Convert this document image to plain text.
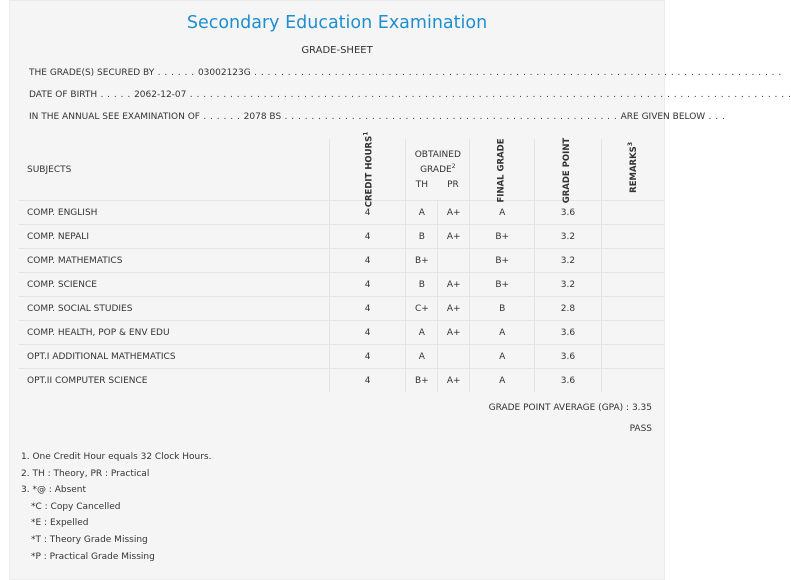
Secondary Education Examination
GRADE-SHEET
THE GRADE(S) SECURED BY . . . . . . 03002123G . . . . . . . . . . . . . . . . . . . . . . . . . . . . . . . . . . . . . . . . . . . . . . . . . . . . . . . . . . . . . . . . . . . . . . . . . . . . . . .
DATE OF BIRTH . . . . . 2062-12-07 . . . . . . . . . . . . . . . . . . . . . . . . . . . . . . . . . . . . . . . . . . . . . . . . . . . . . . . . . . . . . . . . . . . . . . . . . . . . . . . . . . . . . . . . . .
IN THE ANNUAL SEE EXAMINATION OF . . . . . . 2078 BS . . . . . . . . . . . . . . . . . . . . . . . . . . . . . . . . . . . . . . . . . . . . . . . . . . ARE GIVEN BELOW . . .
SUBJECTS	CREDIT HOURS$^1$	OBTAINED GRADE$^2$
TH PR		FINAL GRADE	GRADE POINT	REMARKS$^3$
COMP. ENGLISH	4	A	A+	A	3.6	
COMP. NEPALI	4	B	A+	B+	3.2	
COMP. MATHEMATICS	4	B+		B+	3.2	
COMP. SCIENCE	4	B	A+	B+	3.2	
COMP. SOCIAL STUDIES	4	C+	A+	B	2.8	
COMP. HEALTH, POP & ENV EDU	4	A	A+	A	3.6	
OPT.I ADDITIONAL MATHEMATICS	4	A		A	3.6	
OPT.II COMPUTER SCIENCE	4	B+	A+	A	3.6	
GRADE POINT AVERAGE (GPA) : 3.35
PASS
1. One Credit Hour equals 32 Clock Hours.
2. TH : Theory, PR : Practical
3. *@ : Absent
*C : Copy Cancelled
*E : Expelled
*T : Theory Grade Missing
*P : Practical Grade Missing
